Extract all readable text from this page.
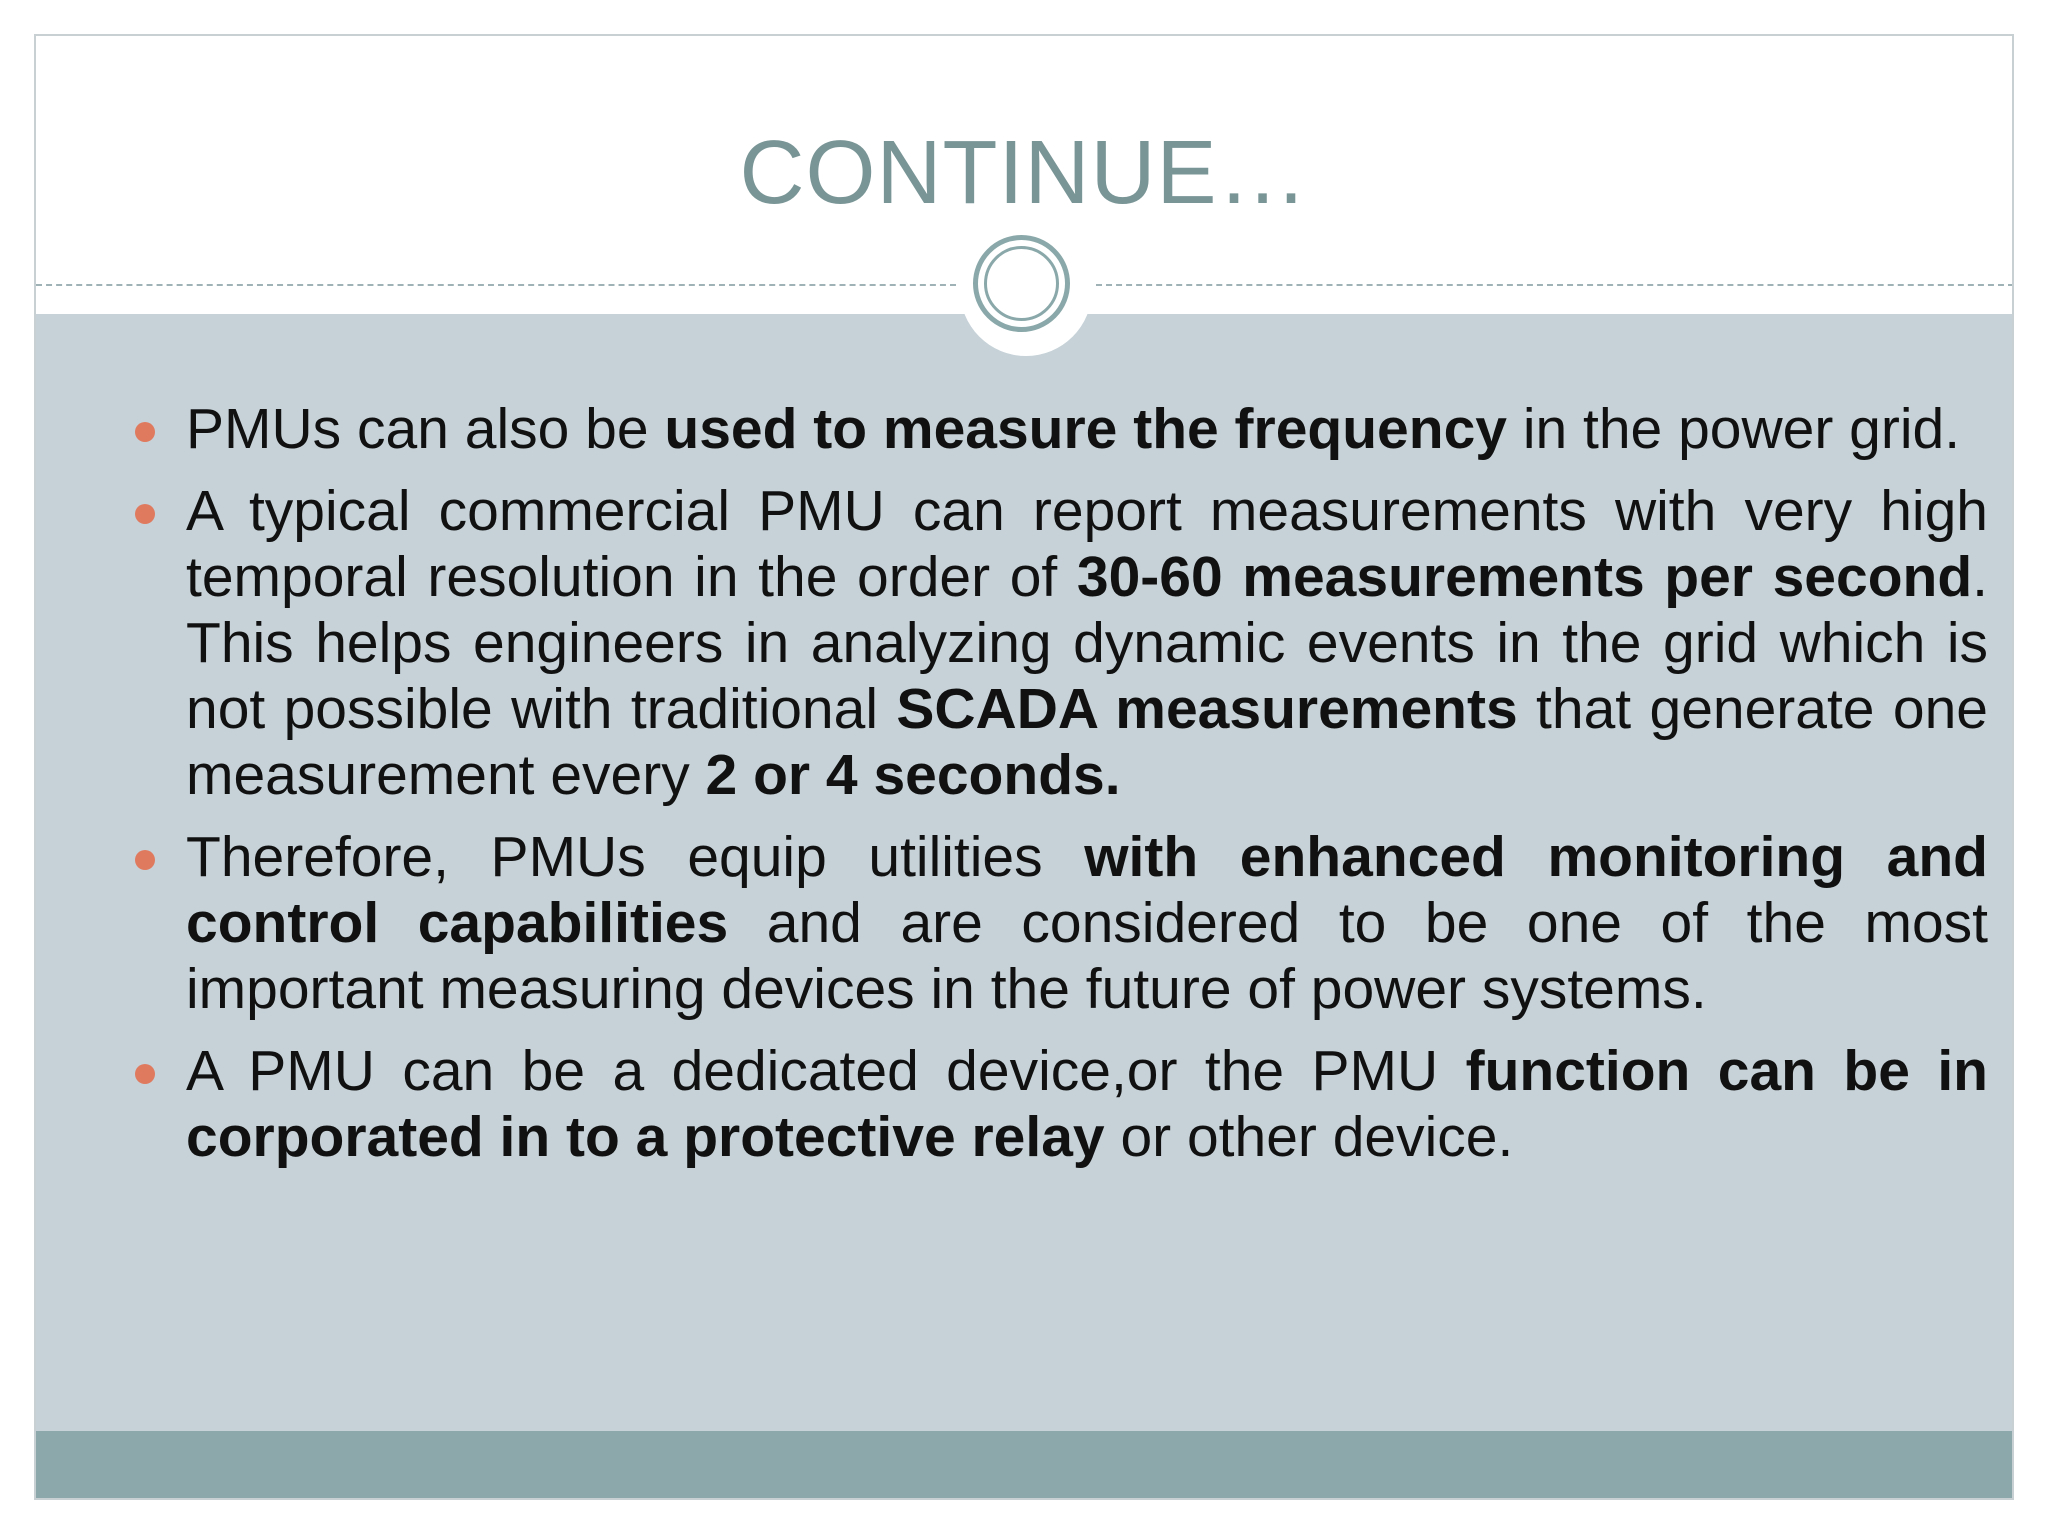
CONTINUE…
PMUs can also be used to measure the frequency in the power grid.
A typical commercial PMU can report measurements with very high temporal resolution in the order of 30-60 measurements per second. This helps engineers in analyzing dynamic events in the grid which is not possible with traditional SCADA measurements that generate one measurement every 2 or 4 seconds.
Therefore, PMUs equip utilities with enhanced monitoring and control capabilities and are considered to be one of the most important measuring devices in the future of power systems.
A PMU can be a dedicated device,or the PMU function can be in corporated in to a protective relay or other device.
